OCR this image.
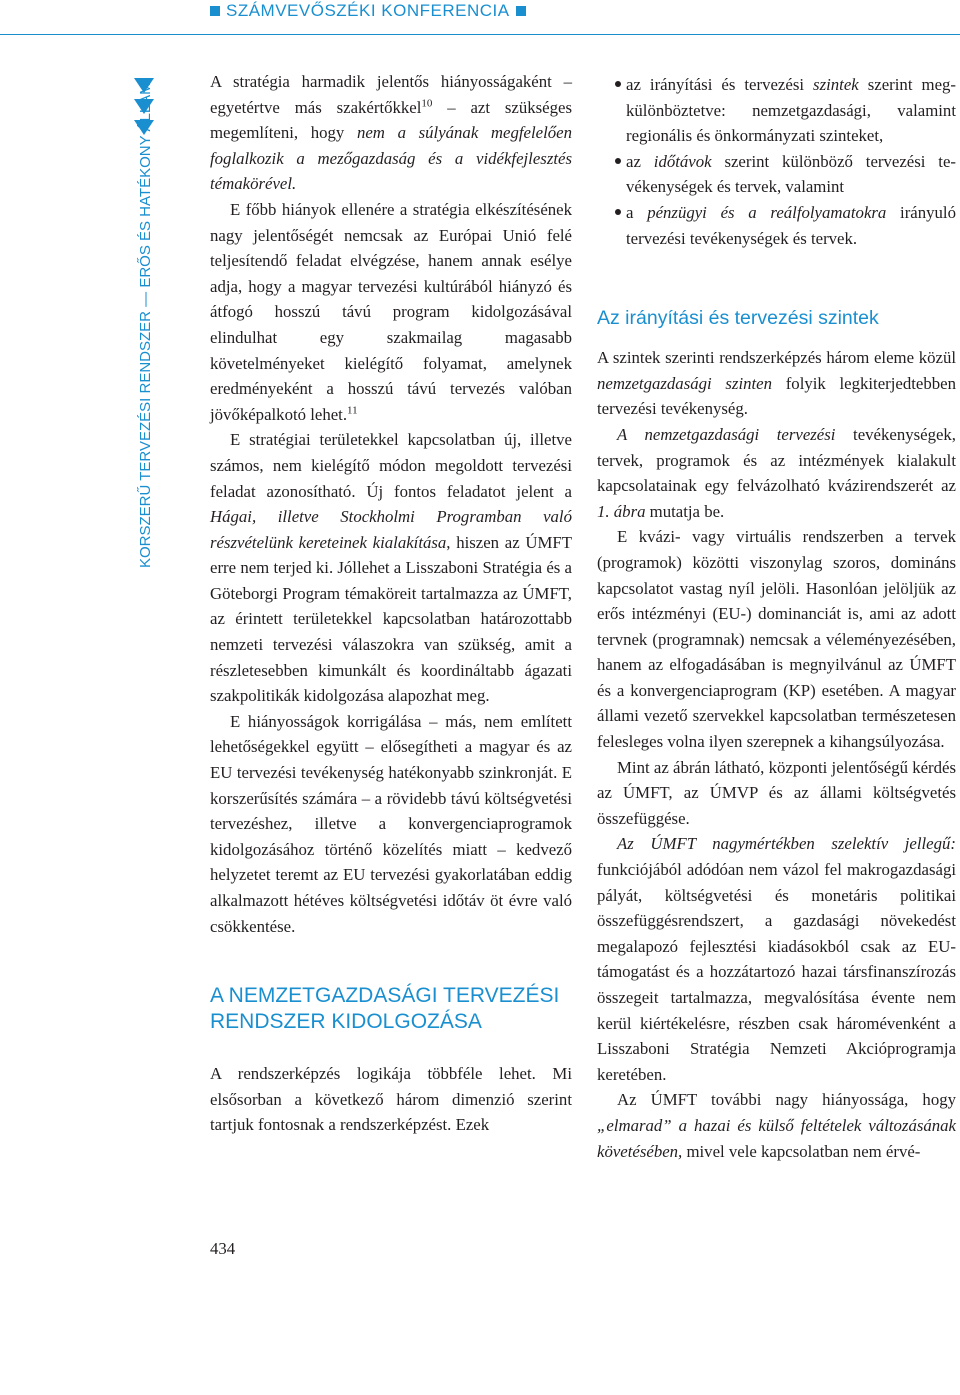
SZÁMVEVŐSZÉKI KONFERENCIA
KORSZERŰ TERVEZÉSI RENDSZER — ERŐS ÉS HATÉKONY ÁLLAM

A stratégia harmadik jelentős hiányosságaként – egyetértve más szakértőkkel$^{10}$ – azt szükséges megemlíteni, hogy nem a súlyának megfelelően foglalkozik a mezőgazdaság és a vidékfejlesztés témakörével.

E főbb hiányok ellenére a stratégia elkészítésének nagy jelentőségét nemcsak az Európai Unió felé teljesítendő feladat elvégzése, hanem annak esélye adja, hogy a magyar tervezési kultúrából hiányzó és átfogó hosszú távú program kidolgozásával elindulhat egy szakmailag magasabb követelményeket kielégítő folyamat, amelynek eredményeként a hosszú távú tervezés valóban jövőképalkotó lehet.$^{11}$

E stratégiai területekkel kapcsolatban új, illetve számos, nem kielégítő módon megoldott tervezési feladat azonosítható. Új fontos feladatot jelent a Hágai, illetve Stockholmi Programban való részvételünk kereteinek kialakítása, hiszen az ÚMFT erre nem terjed ki. Jóllehet a Lisszaboni Stratégia és a Göteborgi Program témaköreit tartalmazza az ÚMFT, az érintett területekkel kapcsolatban határozottabb nemzeti tervezési válaszokra van szükség, amit a részletesebben kimunkált és koordináltabb ágazati szakpolitikák kidolgozása alapozhat meg.

E hiányosságok korrigálása – más, nem említett lehetőségekkel együtt – elősegítheti a magyar és az EU tervezési tevékenység hatékonyabb szinkronját. E korszerűsítés számára – a rövidebb távú költségvetési tervezéshez, illetve a konvergenciaprogramok kidolgozásához történő közelítés miatt – kedvező helyzetet teremt az EU tervezési gyakorlatában eddig alkalmazott hétéves költségvetési időtáv öt évre való csökkentése.

A NEMZETGAZDASÁGI TERVEZÉSI
RENDSZER KIDOLGOZÁSA

A rendszerképzés logikája többféle lehet. Mi elsősorban a következő három dimenzió szerint tartjuk fontosnak a rendszerképzést. Ezek

az irányítási és tervezési szintek szerint megkülönböztetve: nemzetgazdasági, valamint regionális és önkormányzati szinteket,
az időtávok szerint különböző tervezési tevékenységek és tervek, valamint
a pénzügyi és a reálfolyamatokra irányuló tervezési tevékenységek és tervek.
Az irányítási és tervezési szintek

A szintek szerinti rendszerképzés három eleme közül nemzetgazdasági szinten folyik legkiterjedtebben tervezési tevékenység.

A nemzetgazdasági tervezési tevékenységek, tervek, programok és az intézmények kialakult kapcsolatainak egy felvázolható kvázirendszerét az 1. ábra mutatja be.

E kvázi- vagy virtuális rendszerben a tervek (programok) közötti viszonylag szoros, domináns kapcsolatot vastag nyíl jelöli. Hasonlóan jelöljük az erős intézményi (EU-) dominanciát is, ami az adott tervnek (programnak) nemcsak a véleményezésében, hanem az elfogadásában is megnyilvánul az ÚMFT és a konvergenciaprogram (KP) esetében. A magyar állami vezető szervekkel kapcsolatban természetesen felesleges volna ilyen szerepnek a kihangsúlyozása.

Mint az ábrán látható, központi jelentőségű kérdés az ÚMFT, az ÚMVP és az állami költségvetés összefüggése.

Az ÚMFT nagymértékben szelektív jellegű: funkciójából adódóan nem vázol fel makrogazdasági pályát, költségvetési és monetáris politikai összefüggésrendszert, a gazdasági növekedést megalapozó fejlesztési kiadásokból csak az EU-támogatást és a hozzátartozó hazai társfinanszírozás összegeit tartalmazza, megvalósítása évente nem kerül kiértékelésre, részben csak háromévenként a Lisszaboni Stratégia Nemzeti Akcióprogramja keretében.

Az ÚMFT további nagy hiányossága, hogy „elmarad” a hazai és külső feltételek változásának követésében, mivel vele kapcsolatban nem érvé-

434
